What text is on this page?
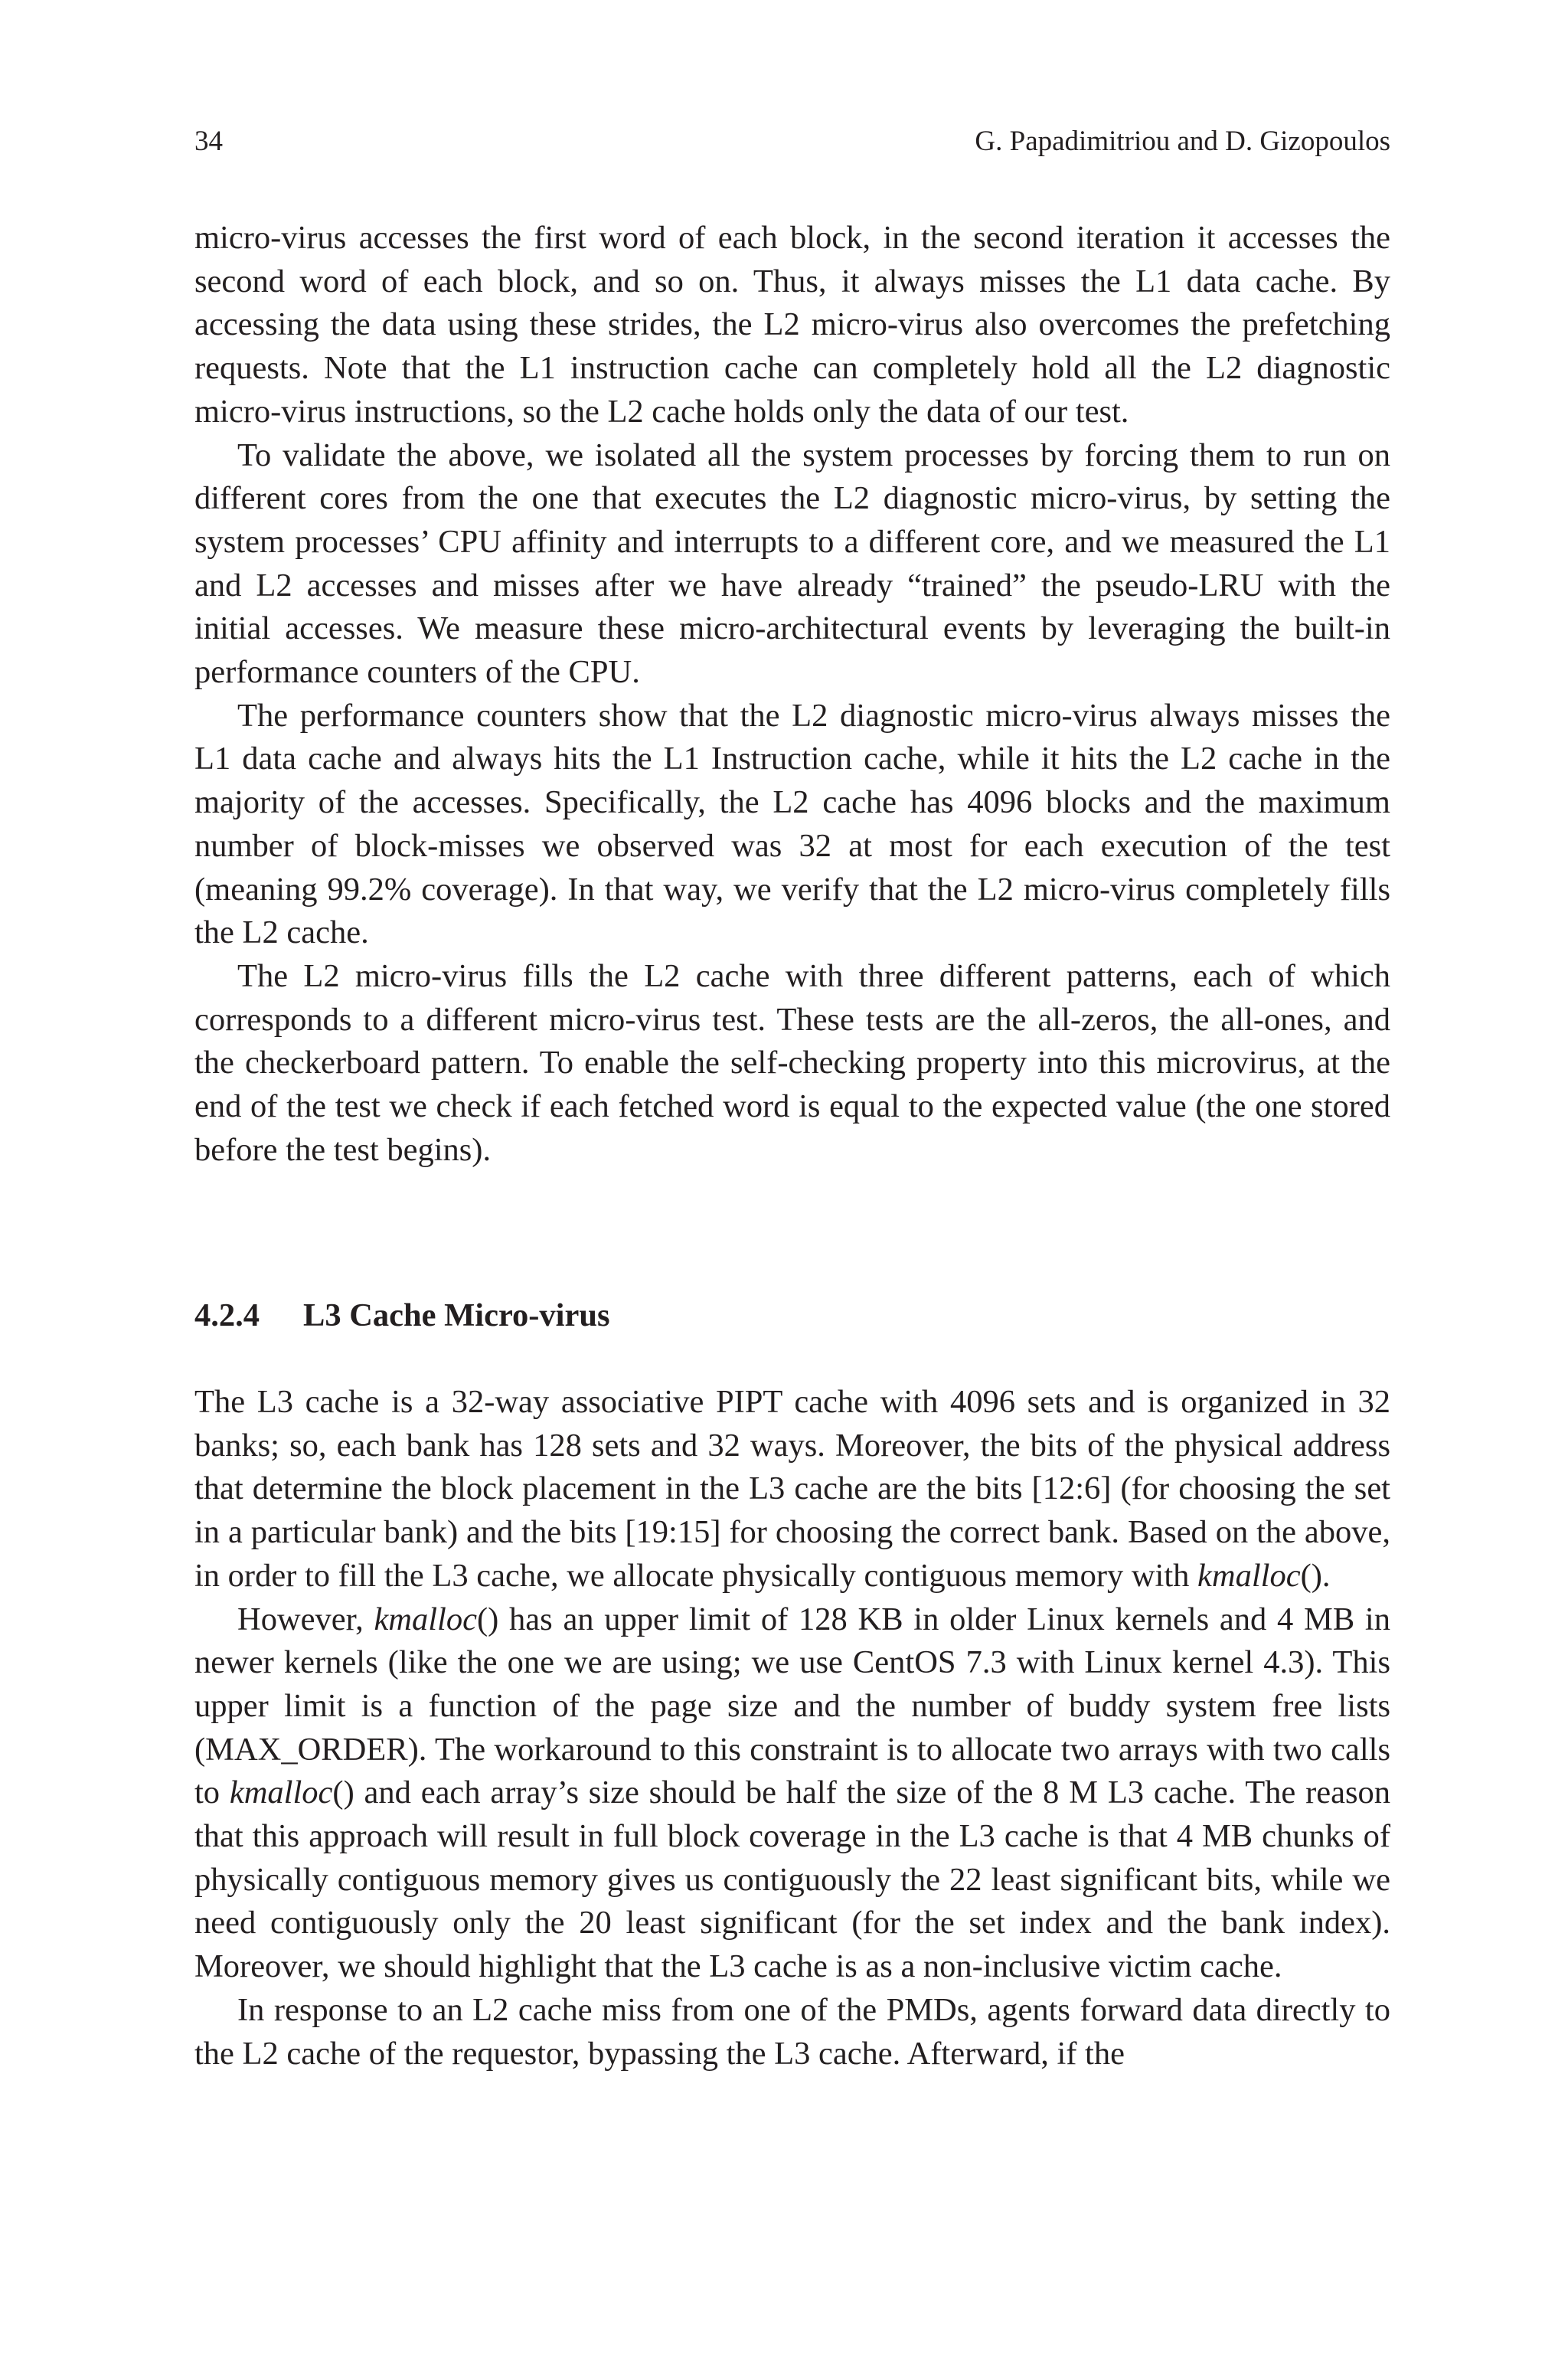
34	G. Papadimitriou and D. Gizopoulos

micro-virus accesses the first word of each block, in the second iteration it accesses the second word of each block, and so on. Thus, it always misses the L1 data cache. By accessing the data using these strides, the L2 micro-virus also overcomes the prefetching requests. Note that the L1 instruction cache can completely hold all the L2 diagnostic micro-virus instructions, so the L2 cache holds only the data of our test.

To validate the above, we isolated all the system processes by forcing them to run on different cores from the one that executes the L2 diagnostic micro-virus, by setting the system processes’ CPU affinity and interrupts to a different core, and we measured the L1 and L2 accesses and misses after we have already “trained” the pseudo-LRU with the initial accesses. We measure these micro-architectural events by leveraging the built-in performance counters of the CPU.

The performance counters show that the L2 diagnostic micro-virus always misses the L1 data cache and always hits the L1 Instruction cache, while it hits the L2 cache in the majority of the accesses. Specifically, the L2 cache has 4096 blocks and the maximum number of block-misses we observed was 32 at most for each execution of the test (meaning 99.2% coverage). In that way, we verify that the L2 micro-virus completely fills the L2 cache.

The L2 micro-virus fills the L2 cache with three different patterns, each of which corresponds to a different micro-virus test. These tests are the all-zeros, the all-ones, and the checkerboard pattern. To enable the self-checking property into this microvirus, at the end of the test we check if each fetched word is equal to the expected value (the one stored before the test begins).

4.2.4 L3 Cache Micro-virus

The L3 cache is a 32-way associative PIPT cache with 4096 sets and is organized in 32 banks; so, each bank has 128 sets and 32 ways. Moreover, the bits of the physical address that determine the block placement in the L3 cache are the bits [12:6] (for choosing the set in a particular bank) and the bits [19:15] for choosing the correct bank. Based on the above, in order to fill the L3 cache, we allocate physically contiguous memory with kmalloc().

However, kmalloc() has an upper limit of 128 KB in older Linux kernels and 4 MB in newer kernels (like the one we are using; we use CentOS 7.3 with Linux kernel 4.3). This upper limit is a function of the page size and the number of buddy system free lists (MAX_ORDER). The workaround to this constraint is to allocate two arrays with two calls to kmalloc() and each array’s size should be half the size of the 8 M L3 cache. The reason that this approach will result in full block coverage in the L3 cache is that 4 MB chunks of physically contiguous memory gives us contiguously the 22 least significant bits, while we need contiguously only the 20 least significant (for the set index and the bank index). Moreover, we should highlight that the L3 cache is as a non-inclusive victim cache.

In response to an L2 cache miss from one of the PMDs, agents forward data directly to the L2 cache of the requestor, bypassing the L3 cache. Afterward, if the
